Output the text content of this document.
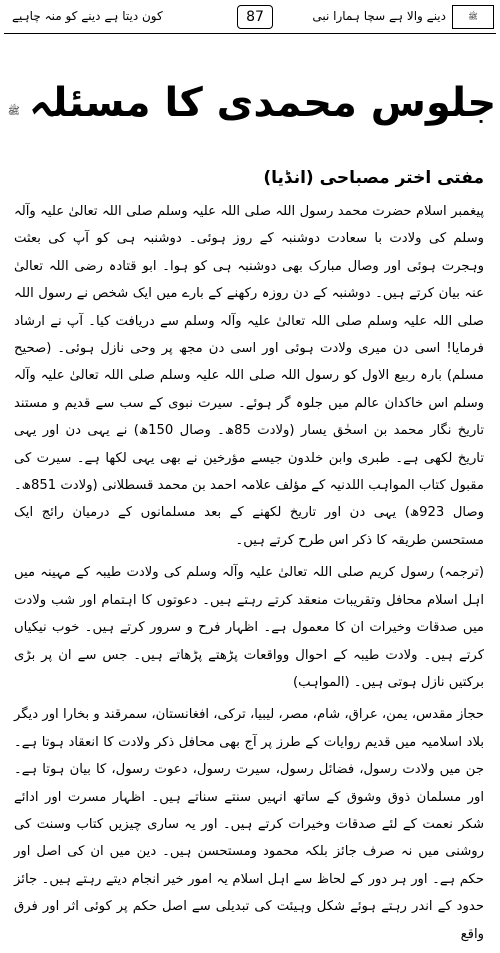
ﷺ
دینے والا ہے سچا ہمارا نبی
87
کون دیتا ہے دینے کو منہ چاہیے
جلوس محمدی کا مسئلہ ﷺ
مفتی اختر مصباحی (انڈیا)

پیغمبر اسلام حضرت محمد رسول اللہ صلی اللہ علیہ وسلم صلی اللہ تعالیٰ علیہ وآلہ وسلم کی ولادت با سعادت دوشنبہ کے روز ہوئی۔ دوشنبہ ہی کو آپ کی بعثت وہجرت ہوئی اور وصال مبارک بھی دوشنبہ ہی کو ہوا۔ ابو قتادہ رضی اللہ تعالیٰ عنہ بیان کرتے ہیں۔ دوشنبہ کے دن روزہ رکھنے کے بارے میں ایک شخص نے رسول اللہ صلی اللہ علیہ وسلم صلی اللہ تعالیٰ علیہ وآلہ وسلم سے دریافت کیا۔ آپ نے ارشاد فرمایا! اسی دن میری ولادت ہوئی اور اسی دن مجھ پر وحی نازل ہوئی۔ (صحیح مسلم) بارہ ربیع الاول کو رسول اللہ صلی اللہ علیہ وسلم صلی اللہ تعالیٰ علیہ وآلہ وسلم اس خاکدان عالم میں جلوہ گر ہوئے۔ سیرت نبوی کے سب سے قدیم و مستند تاریخ نگار محمد بن اسحٰق یسار (ولادت 85ھ۔ وصال 150ھ) نے یہی دن اور یہی تاریخ لکھی ہے۔ طبری وابن خلدون جیسے مؤرخین نے بھی یہی لکھا ہے۔ سیرت کی مقبول کتاب المواہب اللدنیہ کے مؤلف علامہ احمد بن محمد قسطلانی (ولادت 851ھ۔ وصال 923ھ) یہی دن اور تاریخ لکھنے کے بعد مسلمانوں کے درمیان رائج ایک مستحسن طریقہ کا ذکر اس طرح کرتے ہیں۔

(ترجمہ) رسول کریم صلی اللہ تعالیٰ علیہ وآلہ وسلم کی ولادت طیبہ کے مہینہ میں اہل اسلام محافل وتقریبات منعقد کرتے رہتے ہیں۔ دعوتوں کا اہتمام اور شب ولادت میں صدقات وخیرات ان کا معمول ہے۔ اظہار فرح و سرور کرتے ہیں۔ خوب نیکیاں کرتے ہیں۔ ولادت طیبہ کے احوال وواقعات پڑھتے پڑھاتے ہیں۔ جس سے ان پر بڑی برکتیں نازل ہوتی ہیں۔ (المواہب)

حجاز مقدس، یمن، عراق، شام، مصر، لیبیا، ترکی، افغانستان، سمرقند و بخارا اور دیگر بلاد اسلامیہ میں قدیم روایات کے طرز پر آج بھی محافل ذکر ولادت کا انعقاد ہوتا ہے۔ جن میں ولادت رسول، فضائل رسول، سیرت رسول، دعوت رسول، کا بیان ہوتا ہے۔ اور مسلمان ذوق وشوق کے ساتھ انہیں سنتے سناتے ہیں۔ اظہار مسرت اور ادائے شکر نعمت کے لئے صدقات وخیرات کرتے ہیں۔ اور یہ ساری چیزیں کتاب وسنت کی روشنی میں نہ صرف جائز بلکہ محمود ومستحسن ہیں۔ دین میں ان کی اصل اور حکم ہے۔ اور ہر دور کے لحاظ سے اہل اسلام یہ امور خیر انجام دیتے رہتے ہیں۔ جائز حدود کے اندر رہتے ہوئے شکل وہیئت کی تبدیلی سے اصل حکم پر کوئی اثر اور فرق واقع
